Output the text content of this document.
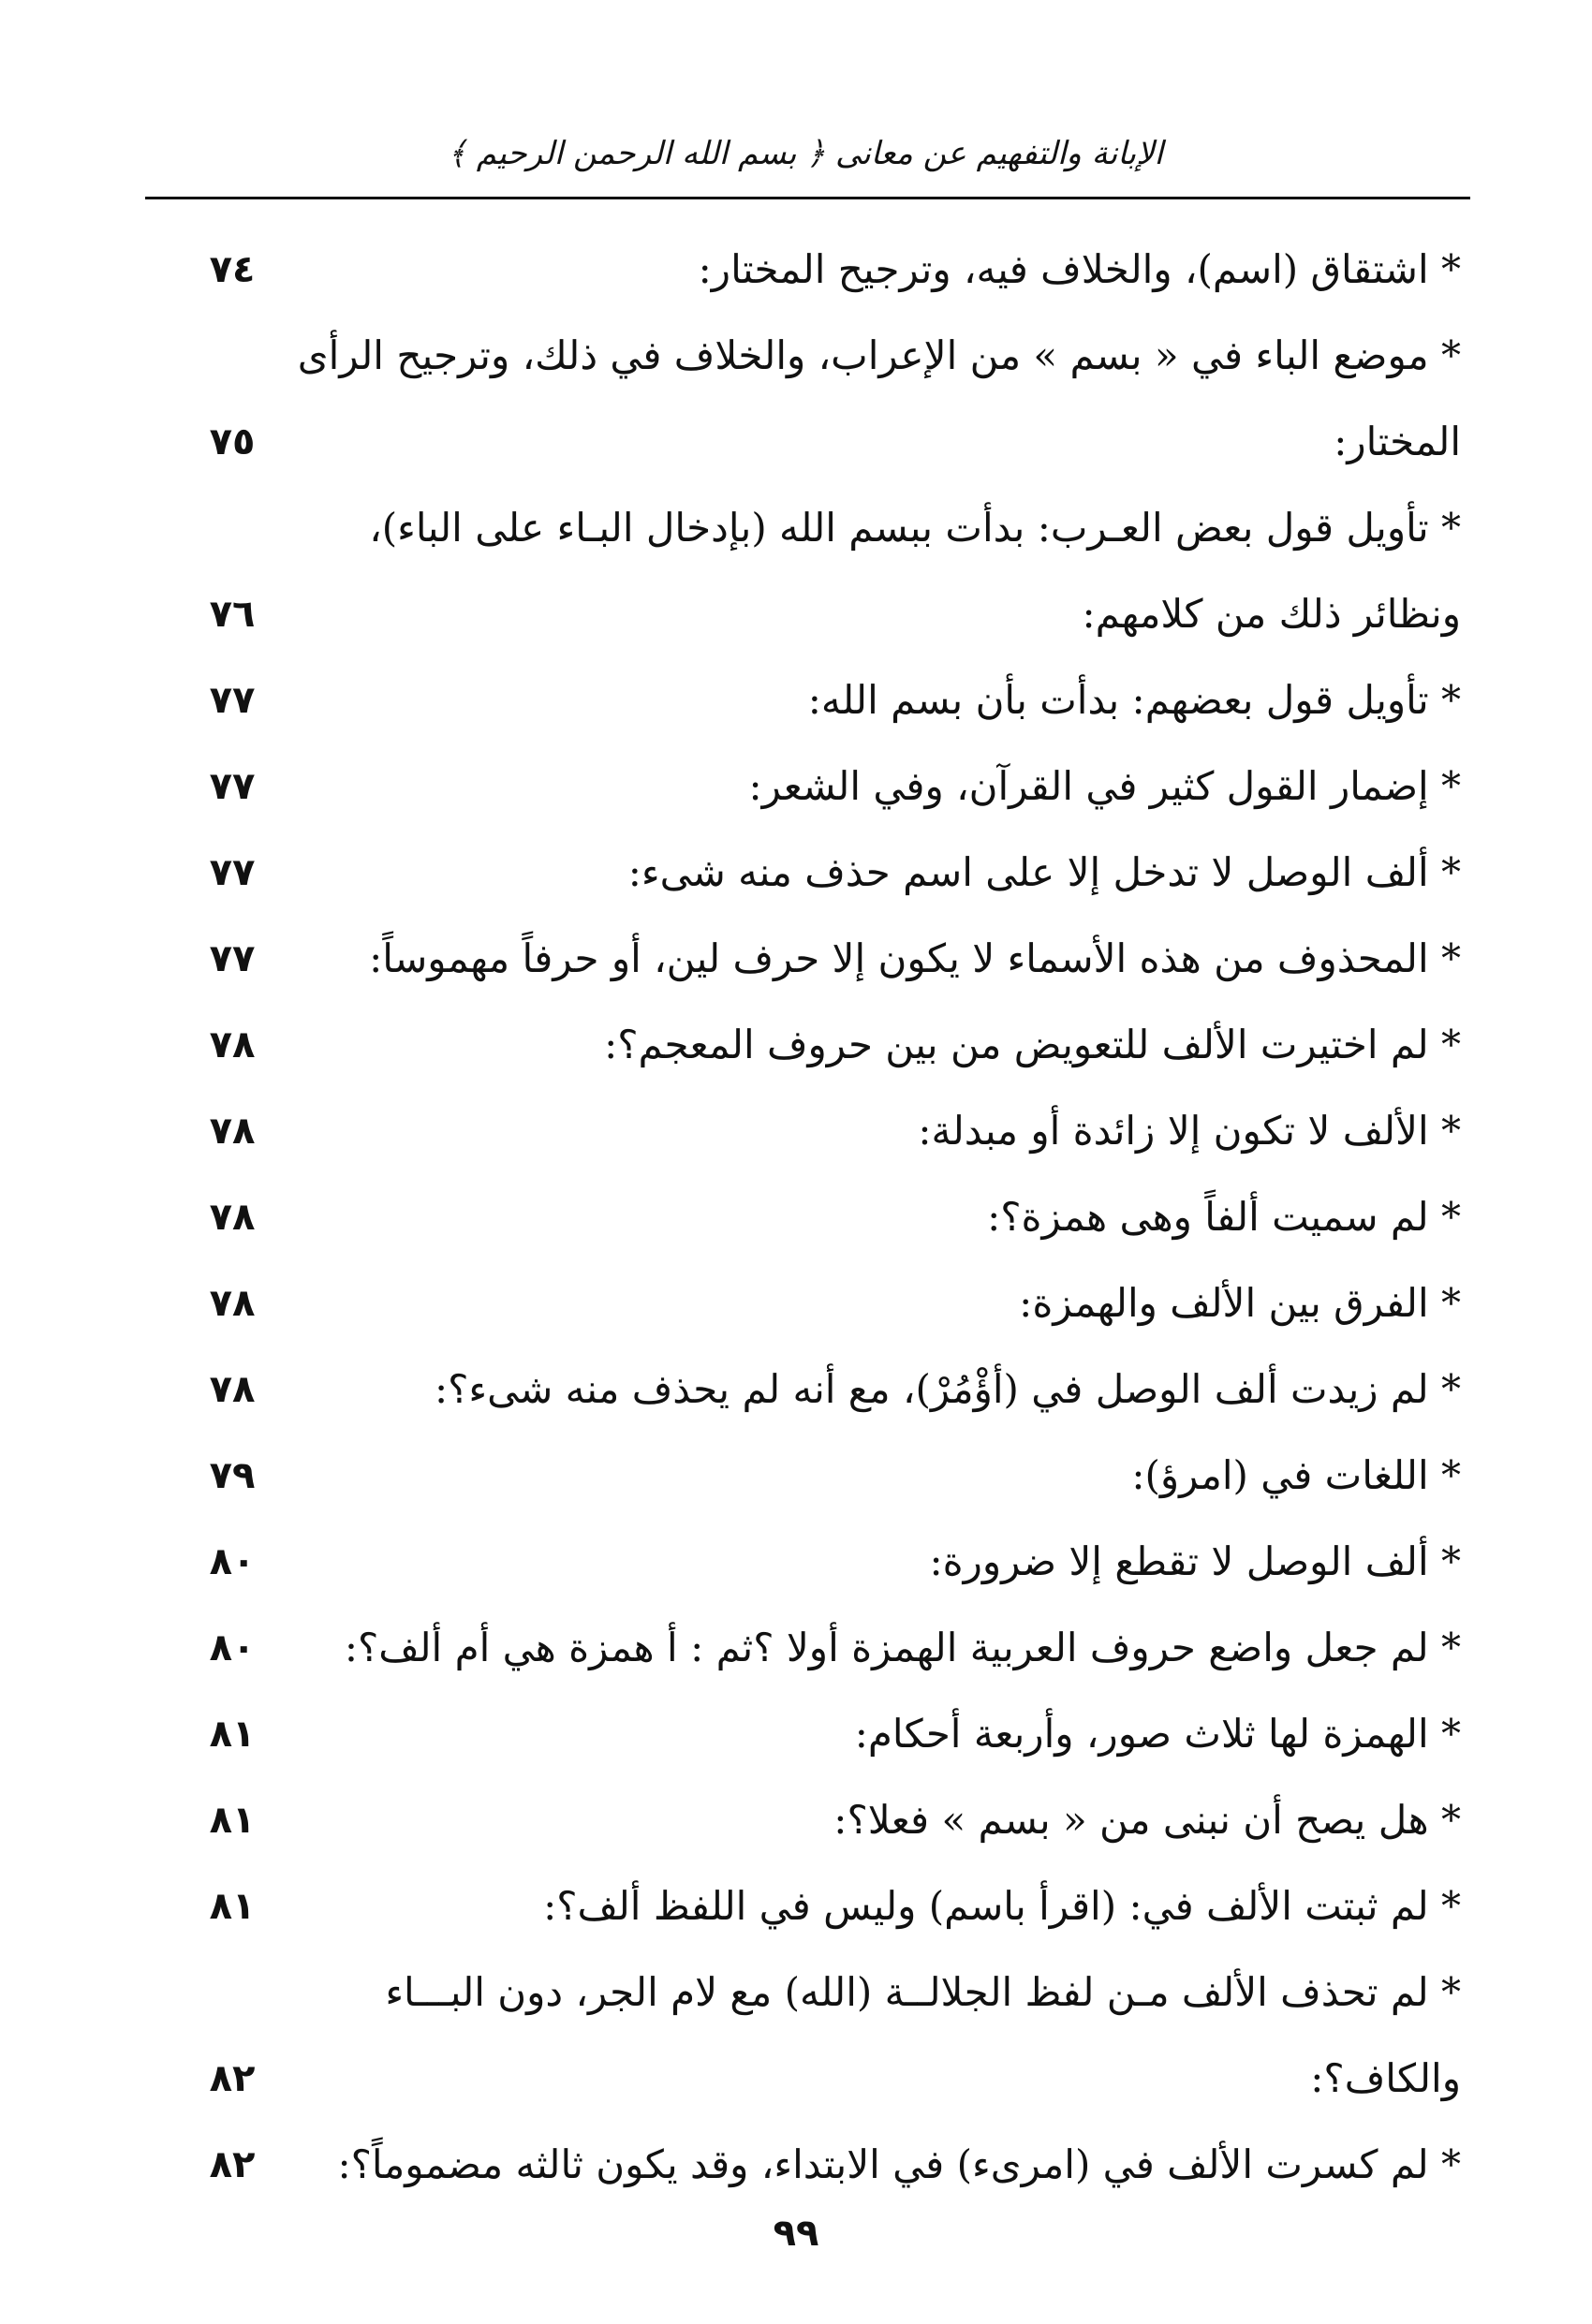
الإبانة والتفهيم عن معانى ﴿ بسم الله الرحمن الرحيم ﴾
* اشتقاق (اسم)، والخلاف فيه، وترجيح المختار:
٧٤
* موضع الباء في « بسم » من الإعراب، والخلاف في ذلك، وترجيح الرأى
المختار:
٧٥
* تأويل قول بعض العـرب: بدأت ببسم الله (بإدخال البـاء على الباء)،
ونظائر ذلك من كلامهم:
٧٦
* تأويل قول بعضهم: بدأت بأن بسم الله:
٧٧
* إضمار القول كثير في القرآن، وفي الشعر:
٧٧
* ألف الوصل لا تدخل إلا على اسم حذف منه شىء:
٧٧
* المحذوف من هذه الأسماء لا يكون إلا حرف لين، أو حرفاً مهموساً:
٧٧
* لم اختيرت الألف للتعويض من بين حروف المعجم؟:
٧٨
* الألف لا تكون إلا زائدة أو مبدلة:
٧٨
* لم سميت ألفاً وهى همزة؟:
٧٨
* الفرق بين الألف والهمزة:
٧٨
* لم زيدت ألف الوصل في (أؤْمُرْ)، مع أنه لم يحذف منه شىء؟:
٧٨
* اللغات في (امرؤ):
٧٩
* ألف الوصل لا تقطع إلا ضرورة:
٨٠
* لم جعل واضع حروف العربية الهمزة أولا ؟ثم : أ همزة هي أم ألف؟:
٨٠
* الهمزة لها ثلاث صور، وأربعة أحكام:
٨١
* هل يصح أن نبنى من « بسم » فعلا؟:
٨١
* لم ثبتت الألف في: (اقرأ باسم) وليس في اللفظ ألف؟:
٨١
* لم تحذف الألف مـن لفظ الجلالــة (الله) مع لام الجر، دون البـــاء
والكاف؟:
٨٢
* لم كسرت الألف في (امرىء) في الابتداء، وقد يكون ثالثه مضموماً؟:
٨٢
٩٩
